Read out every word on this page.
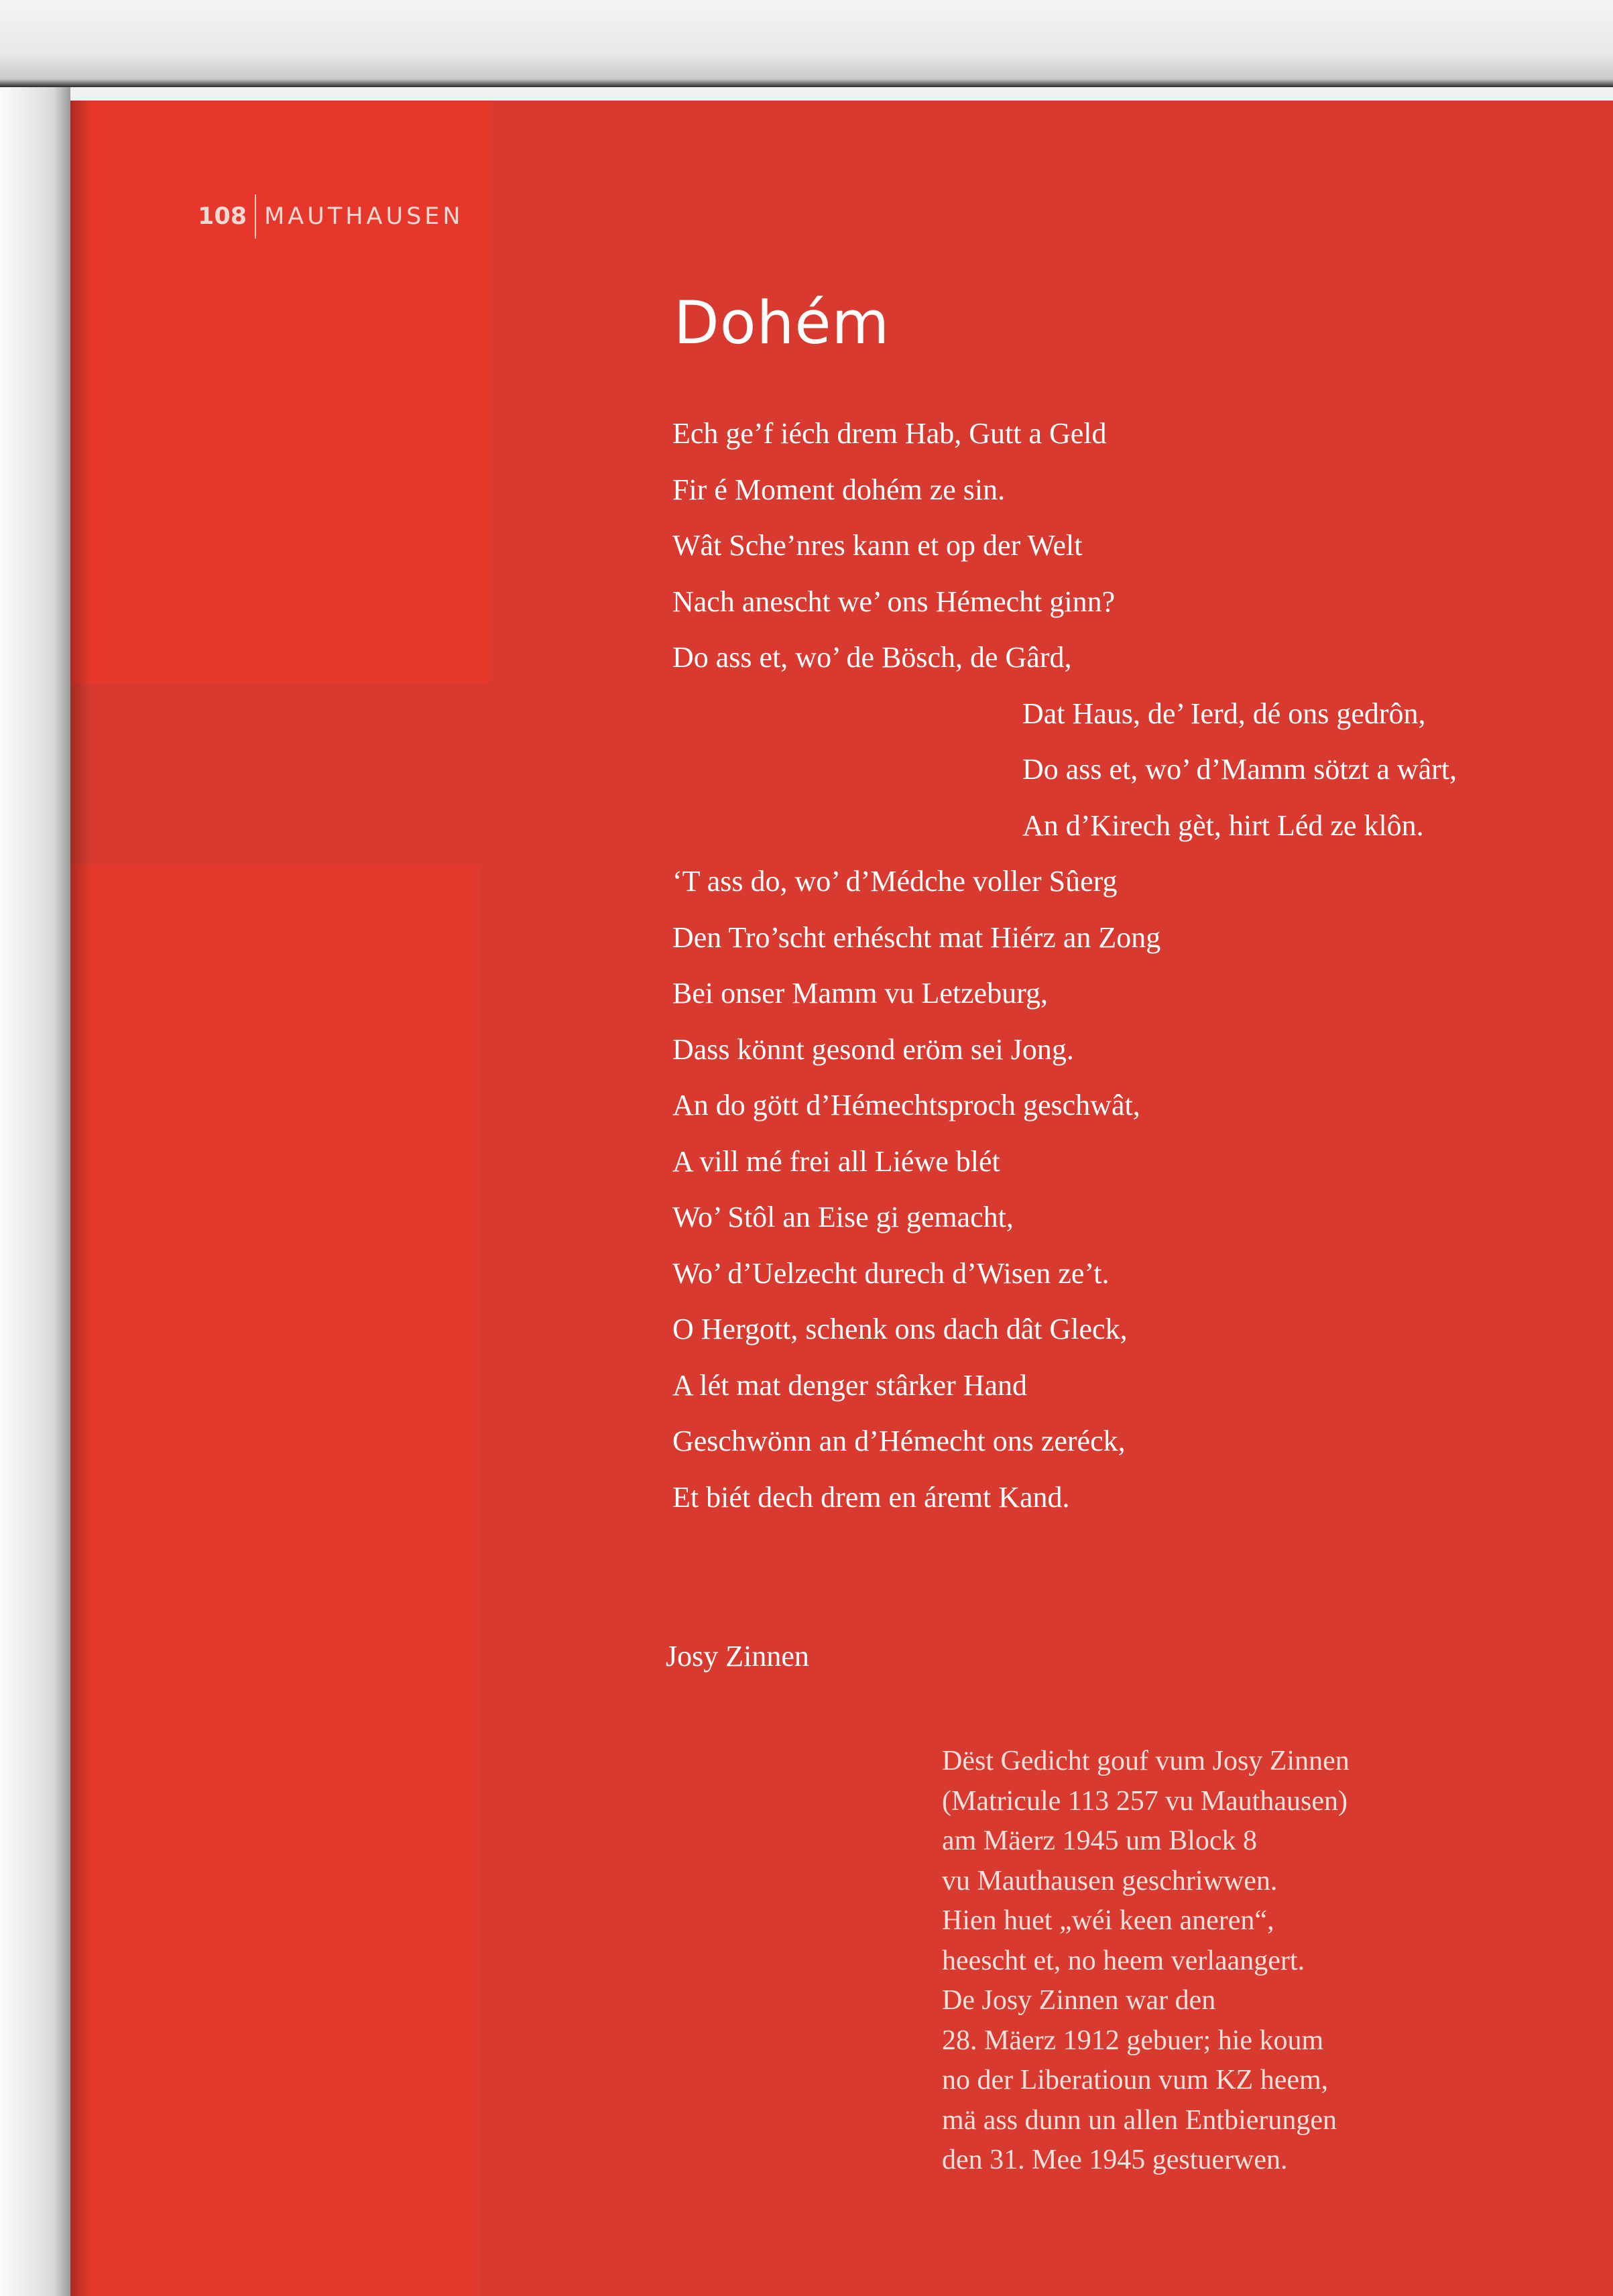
108 MAUTHAUSEN
Dohém
Ech ge’f iéch drem Hab, Gutt a Geld
Fir é Moment dohém ze sin.
Wât Sche’nres kann et op der Welt
Nach anescht we’ ons Hémecht ginn?
Do ass et, wo’ de Bösch, de Gârd,
Dat Haus, de’ Ierd, dé ons gedrôn,
Do ass et, wo’ d’Mamm sötzt a wârt,
An d’Kirech gèt, hirt Léd ze klôn.
‘T ass do, wo’ d’Médche voller Sûerg
Den Tro’scht erhéscht mat Hiérz an Zong
Bei onser Mamm vu Letzeburg,
Dass könnt gesond eröm sei Jong.
An do gött d’Hémechtsproch geschwât,
A vill mé frei all Liéwe blét
Wo’ Stôl an Eise gi gemacht,
Wo’ d’Uelzecht durech d’Wisen ze’t.
O Hergott, schenk ons dach dât Gleck,
A lét mat denger stârker Hand
Geschwönn an d’Hémecht ons zeréck,
Et biét dech drem en áremt Kand.
Josy Zinnen
Dëst Gedicht gouf vum Josy Zinnen
(Matricule 113 257 vu Mauthausen)
am Mäerz 1945 um Block 8
vu Mauthausen geschriwwen.
Hien huet „wéi keen aneren“,
heescht et, no heem verlaangert.
De Josy Zinnen war den
28. Mäerz 1912 gebuer; hie koum
no der Liberatioun vum KZ heem,
mä ass dunn un allen Entbierungen
den 31. Mee 1945 gestuerwen.
